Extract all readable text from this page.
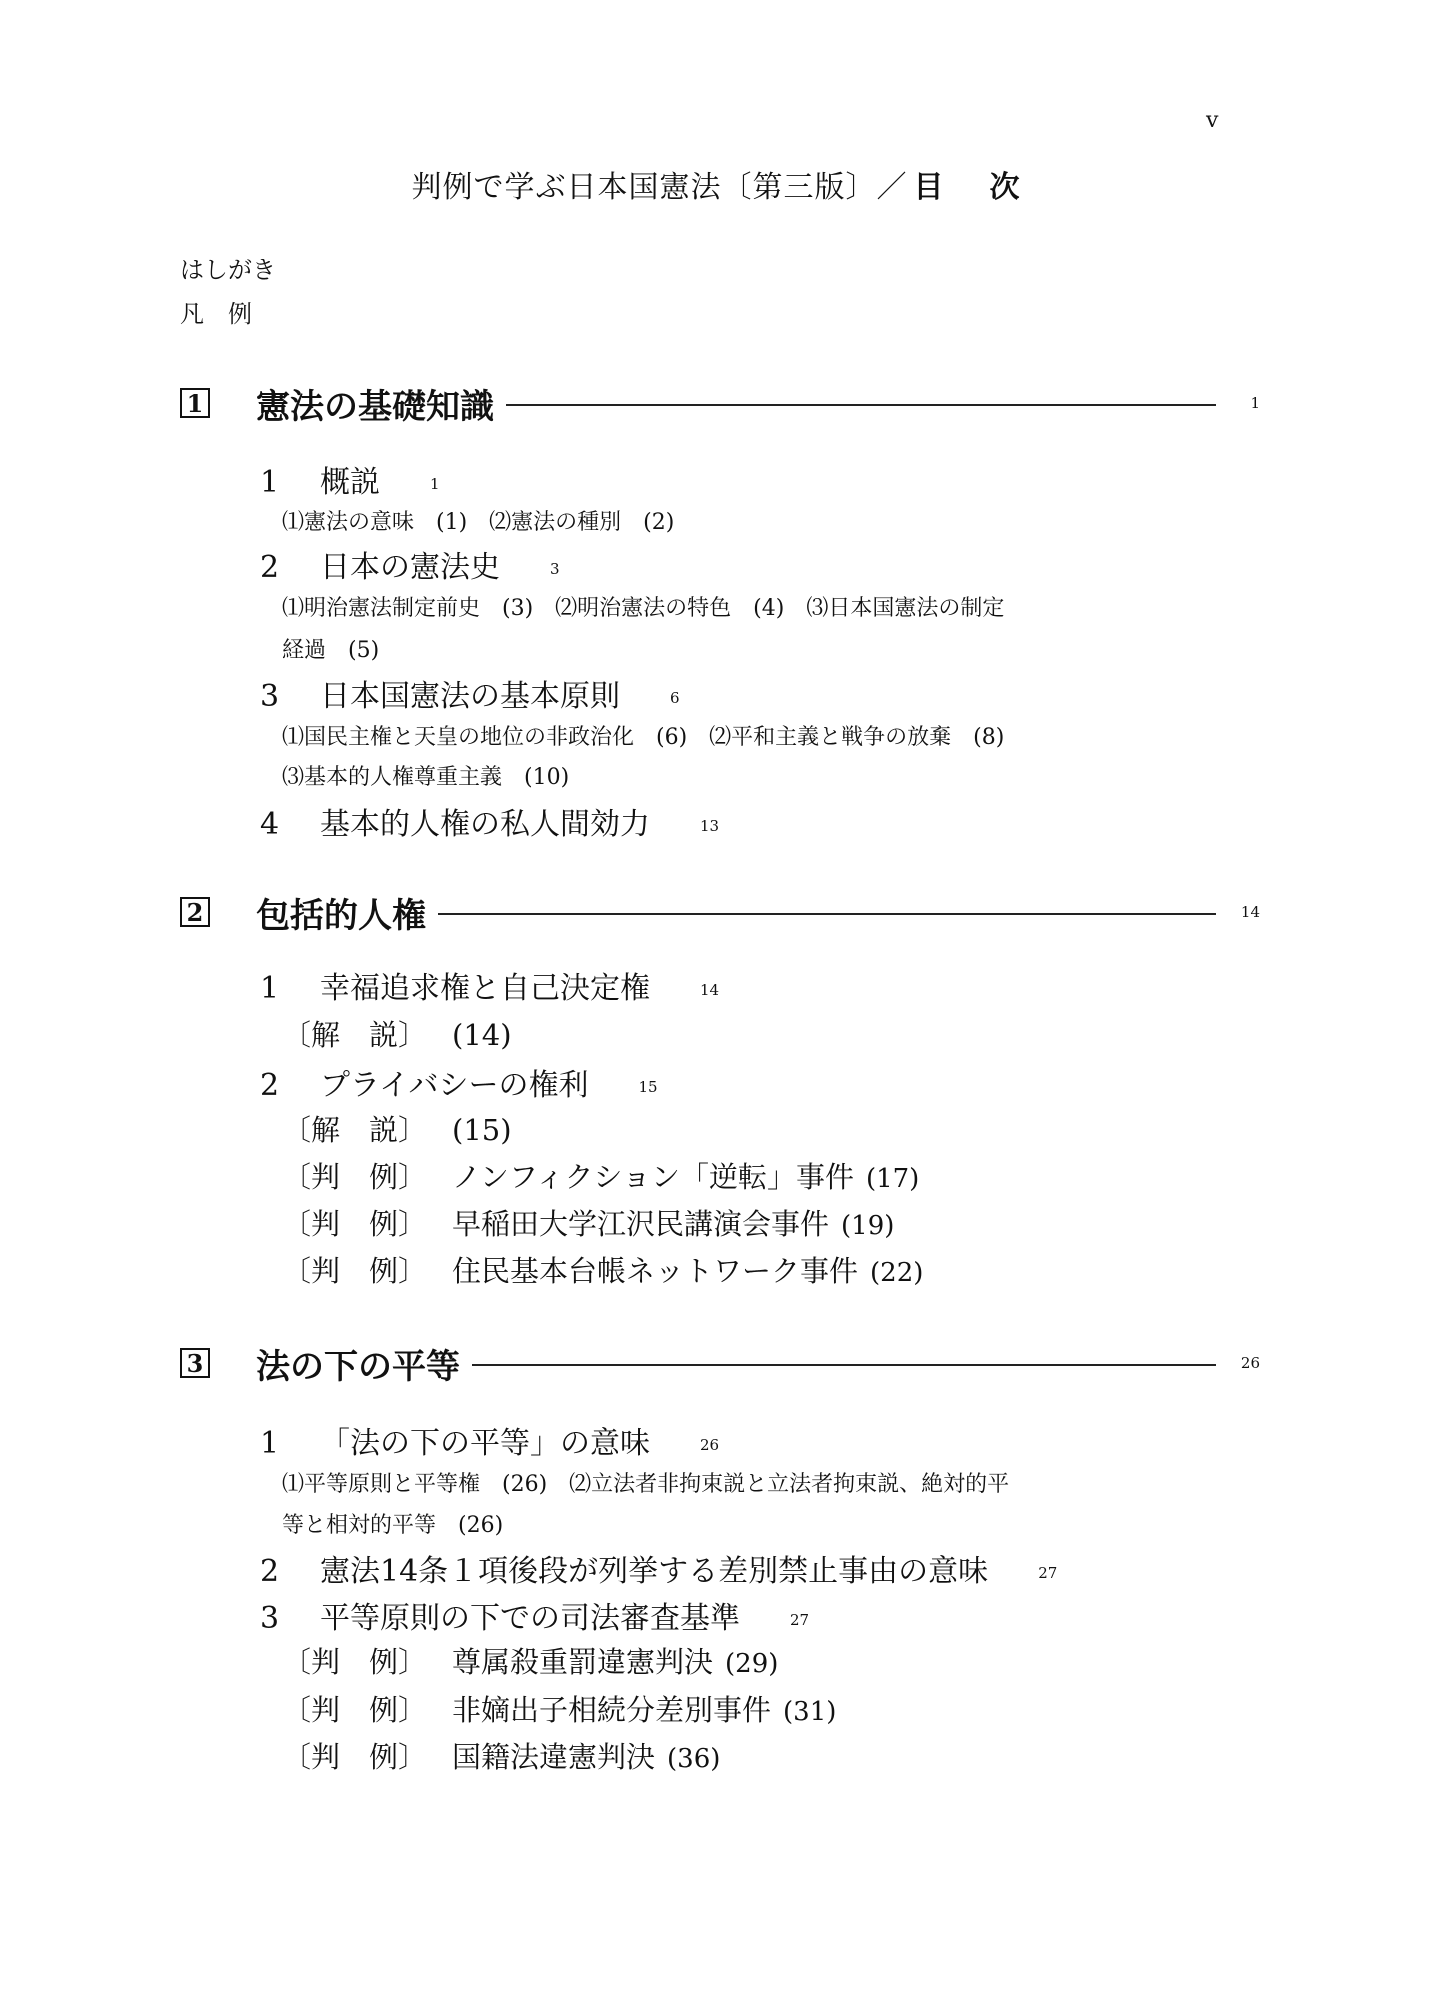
v
判例で学ぶ日本国憲法〔第三版〕／ 目　次
はしがき
凡　例
1 憲法の基礎知識	1
1 概説	1
⑴憲法の意味　(1)　⑵憲法の種別　(2)
2 日本の憲法史	3
⑴明治憲法制定前史　(3)　⑵明治憲法の特色　(4)　⑶日本国憲法の制定
経過　(5)
3 日本国憲法の基本原則	6
⑴国民主権と天皇の地位の非政治化　(6)　⑵平和主義と戦争の放棄　(8)
⑶基本的人権尊重主義　(10)
4 基本的人権の私人間効力	13
2 包括的人権	14
1 幸福追求権と自己決定権	14
〔解　説〕 (14)
2 プライバシーの権利	15
〔解　説〕 (15)
〔判　例〕 ノンフィクション「逆転」事件 (17)
〔判　例〕 早稲田大学江沢民講演会事件 (19)
〔判　例〕 住民基本台帳ネットワーク事件 (22)
3 法の下の平等	26
1 「法の下の平等」の意味	26
⑴平等原則と平等権　(26)　⑵立法者非拘束説と立法者拘束説、絶対的平
等と相対的平等　(26)
2 憲法14条１項後段が列挙する差別禁止事由の意味	27
3 平等原則の下での司法審査基準	27
〔判　例〕 尊属殺重罰違憲判決 (29)
〔判　例〕 非嫡出子相続分差別事件 (31)
〔判　例〕 国籍法違憲判決 (36)
